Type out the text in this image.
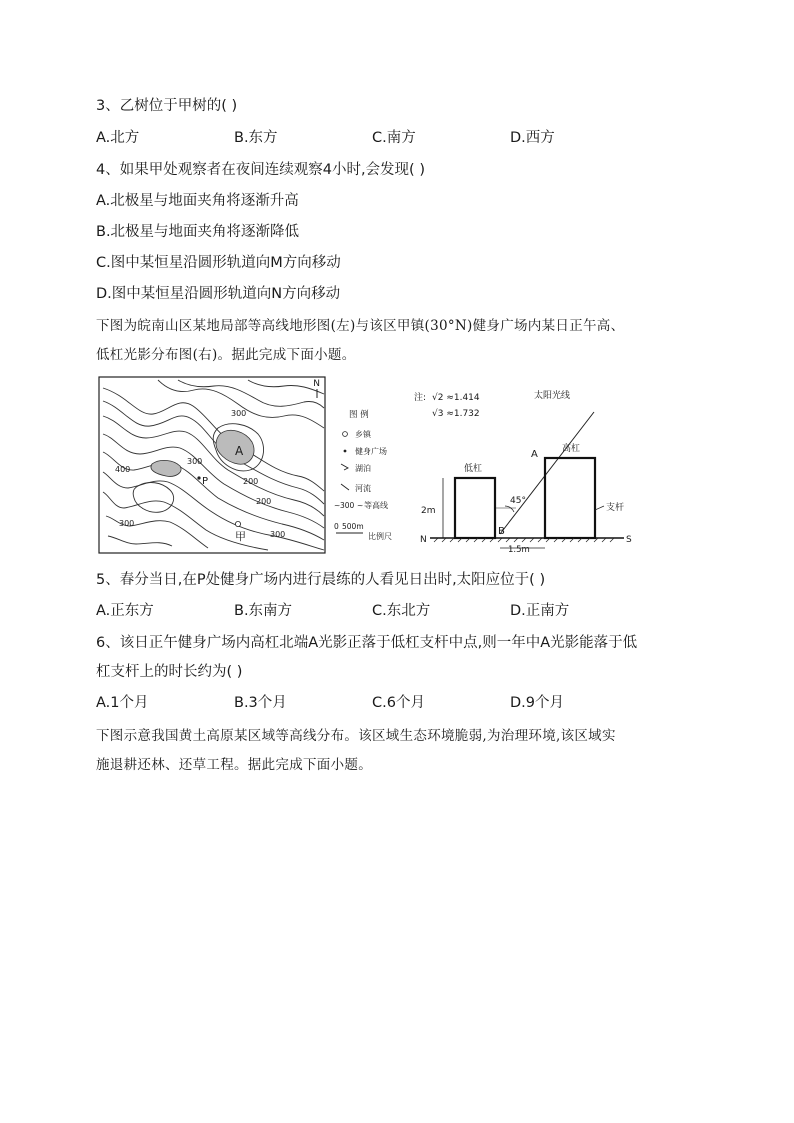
3、乙树位于甲树的( )
A.北方	B.东方	C.南方	D.西方
4、如果甲处观察者在夜间连续观察4小时,会发现( )
A.北极星与地面夹角将逐渐升高
B.北极星与地面夹角将逐渐降低
C.图中某恒星沿圆形轨道向M方向移动
D.图中某恒星沿圆形轨道向N方向移动
下图为皖南山区某地局部等高线地形图(左)与该区甲镇(30°N)健身广场内某日正午高、
低杠光影分布图(右)。据此完成下面小题。
N
A
P
甲
300
300
200
400
200
300
300
图 例
乡镇
健身广场
湖泊
河流
~ 300 ~ 等高线
0 500m
比例尺
注: √2 ≈1.414
√3 ≈1.732
太阳光线
高杠
A
低杠
2m
45°
B
N	S
1.5m
支杆
5、春分当日,在P处健身广场内进行晨练的人看见日出时,太阳应位于( )
A.正东方	B.东南方	C.东北方	D.正南方
6、该日正午健身广场内高杠北端A光影正落于低杠支杆中点,则一年中A光影能落于低
杠支杆上的时长约为( )
A.1个月	B.3个月	C.6个月	D.9个月
下图示意我国黄土高原某区域等高线分布。该区域生态环境脆弱,为治理环境,该区域实
施退耕还林、还草工程。据此完成下面小题。
